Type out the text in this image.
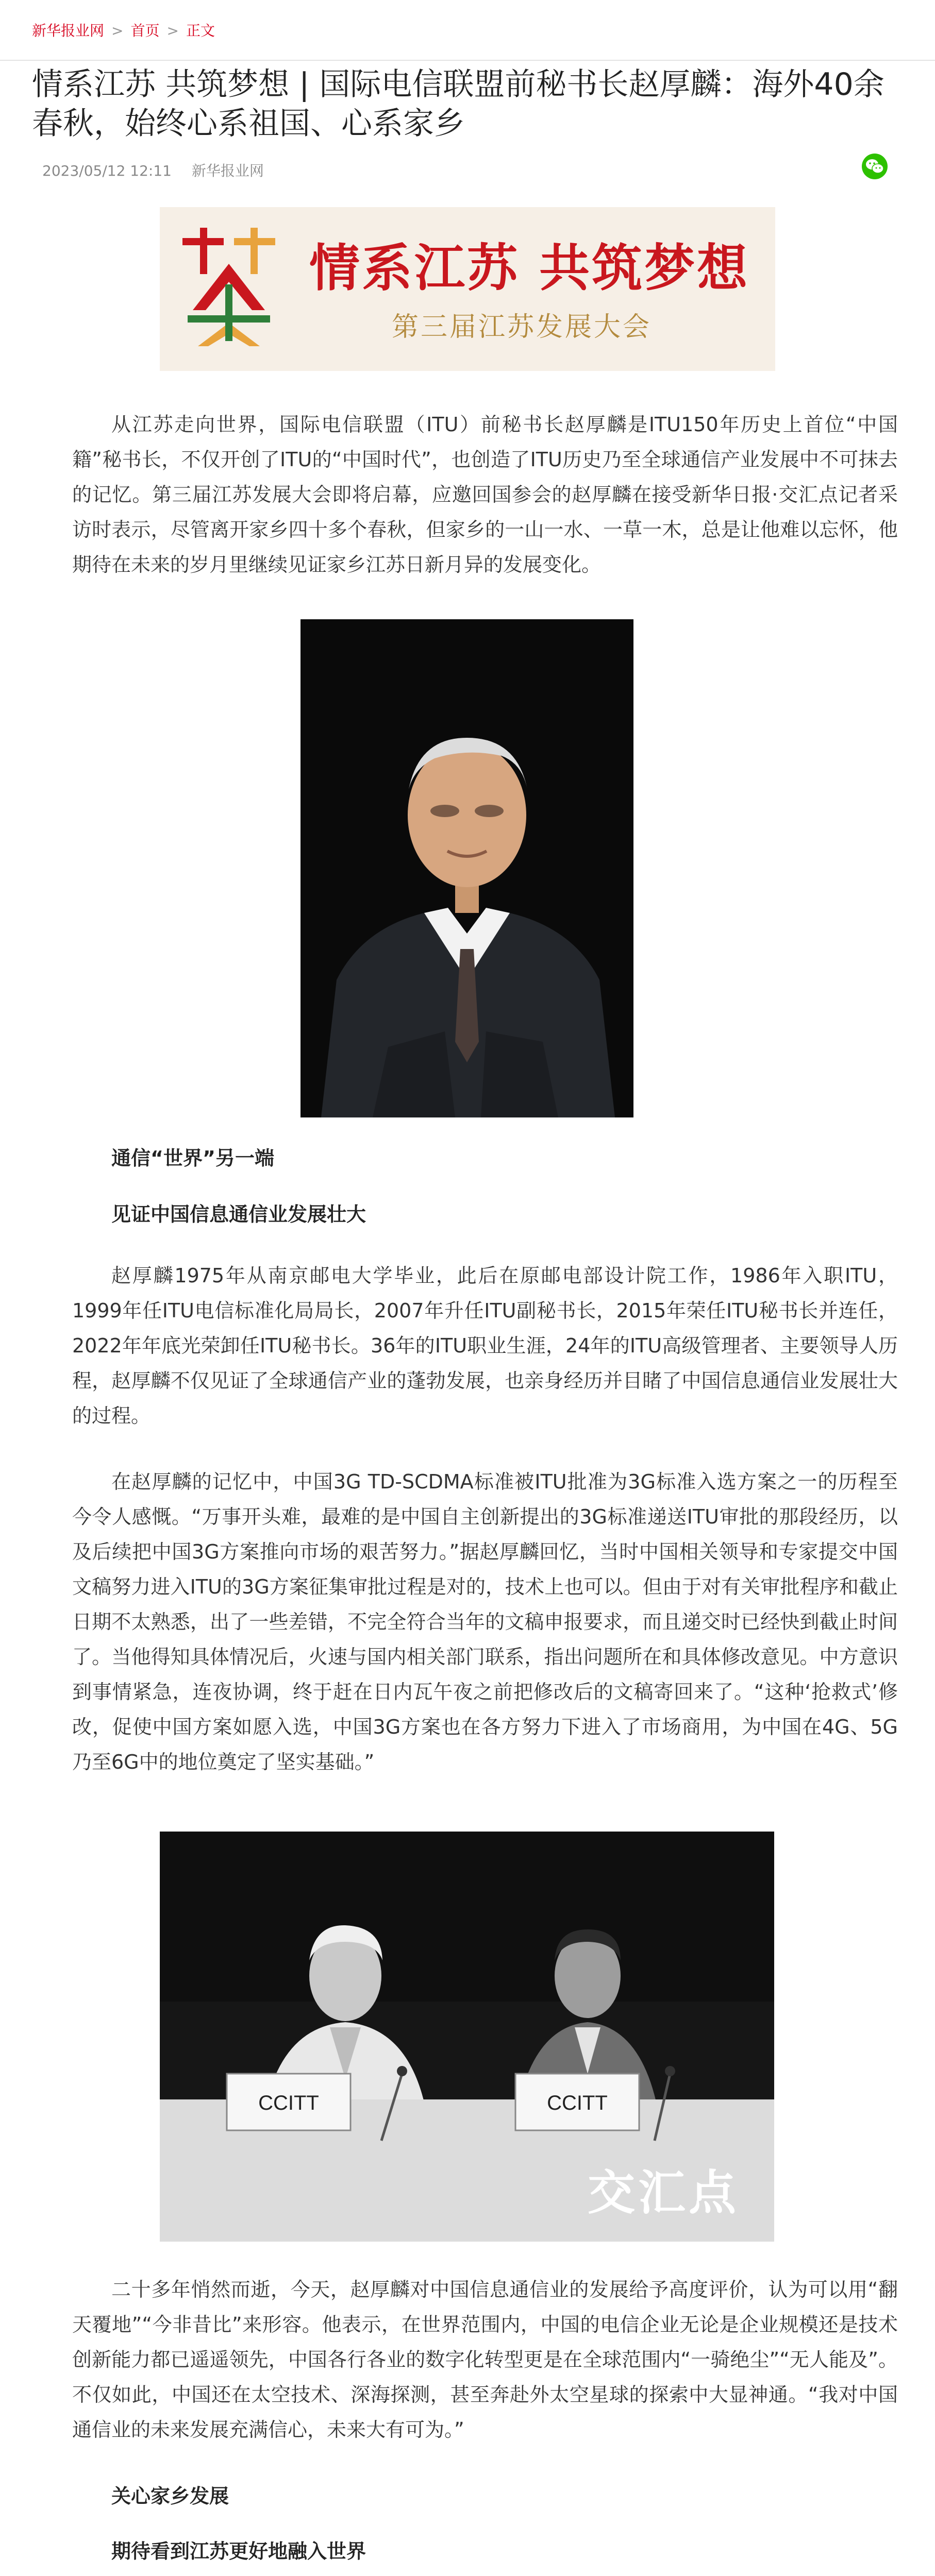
新华报业网 > 首页 > 正文
情系江苏 共筑梦想 | 国际电信联盟前秘书长赵厚麟：海外40余春秋，始终心系祖国、心系家乡
2023/05/12 12:11 新华报业网
情系江苏 共筑梦想
第三届江苏发展大会

从江苏走向世界，国际电信联盟（ITU）前秘书长赵厚麟是ITU150年历史上首位“中国籍”秘书长，不仅开创了ITU的“中国时代”，也创造了ITU历史乃至全球通信产业发展中不可抹去的记忆。第三届江苏发展大会即将启幕，应邀回国参会的赵厚麟在接受新华日报·交汇点记者采访时表示，尽管离开家乡四十多个春秋，但家乡的一山一水、一草一木，总是让他难以忘怀，他期待在未来的岁月里继续见证家乡江苏日新月异的发展变化。

通信“世界”另一端
见证中国信息通信业发展壮大

赵厚麟1975年从南京邮电大学毕业，此后在原邮电部设计院工作，1986年入职ITU，1999年任ITU电信标准化局局长，2007年升任ITU副秘书长，2015年荣任ITU秘书长并连任，2022年年底光荣卸任ITU秘书长。36年的ITU职业生涯，24年的ITU高级管理者、主要领导人历程，赵厚麟不仅见证了全球通信产业的蓬勃发展，也亲身经历并目睹了中国信息通信业发展壮大的过程。

在赵厚麟的记忆中，中国3G TD-SCDMA标准被ITU批准为3G标准入选方案之一的历程至今令人感慨。“万事开头难，最难的是中国自主创新提出的3G标准递送ITU审批的那段经历，以及后续把中国3G方案推向市场的艰苦努力。”据赵厚麟回忆，当时中国相关领导和专家提交中国文稿努力进入ITU的3G方案征集审批过程是对的，技术上也可以。但由于对有关审批程序和截止日期不太熟悉，出了一些差错，不完全符合当年的文稿申报要求，而且递交时已经快到截止时间了。当他得知具体情况后，火速与国内相关部门联系，指出问题所在和具体修改意见。中方意识到事情紧急，连夜协调，终于赶在日内瓦午夜之前把修改后的文稿寄回来了。“这种‘抢救式’修改，促使中国方案如愿入选，中国3G方案也在各方努力下进入了市场商用，为中国在4G、5G乃至6G中的地位奠定了坚实基础。”

CCITT	CCITT
交汇点

二十多年悄然而逝，今天，赵厚麟对中国信息通信业的发展给予高度评价，认为可以用“翻天覆地”“今非昔比”来形容。他表示，在世界范围内，中国的电信企业无论是企业规模还是技术创新能力都已遥遥领先，中国各行各业的数字化转型更是在全球范围内“一骑绝尘”“无人能及”。不仅如此，中国还在太空技术、深海探测，甚至奔赴外太空星球的探索中大显神通。“我对中国通信业的未来发展充满信心，未来大有可为。”

关心家乡发展
期待看到江苏更好地融入世界
